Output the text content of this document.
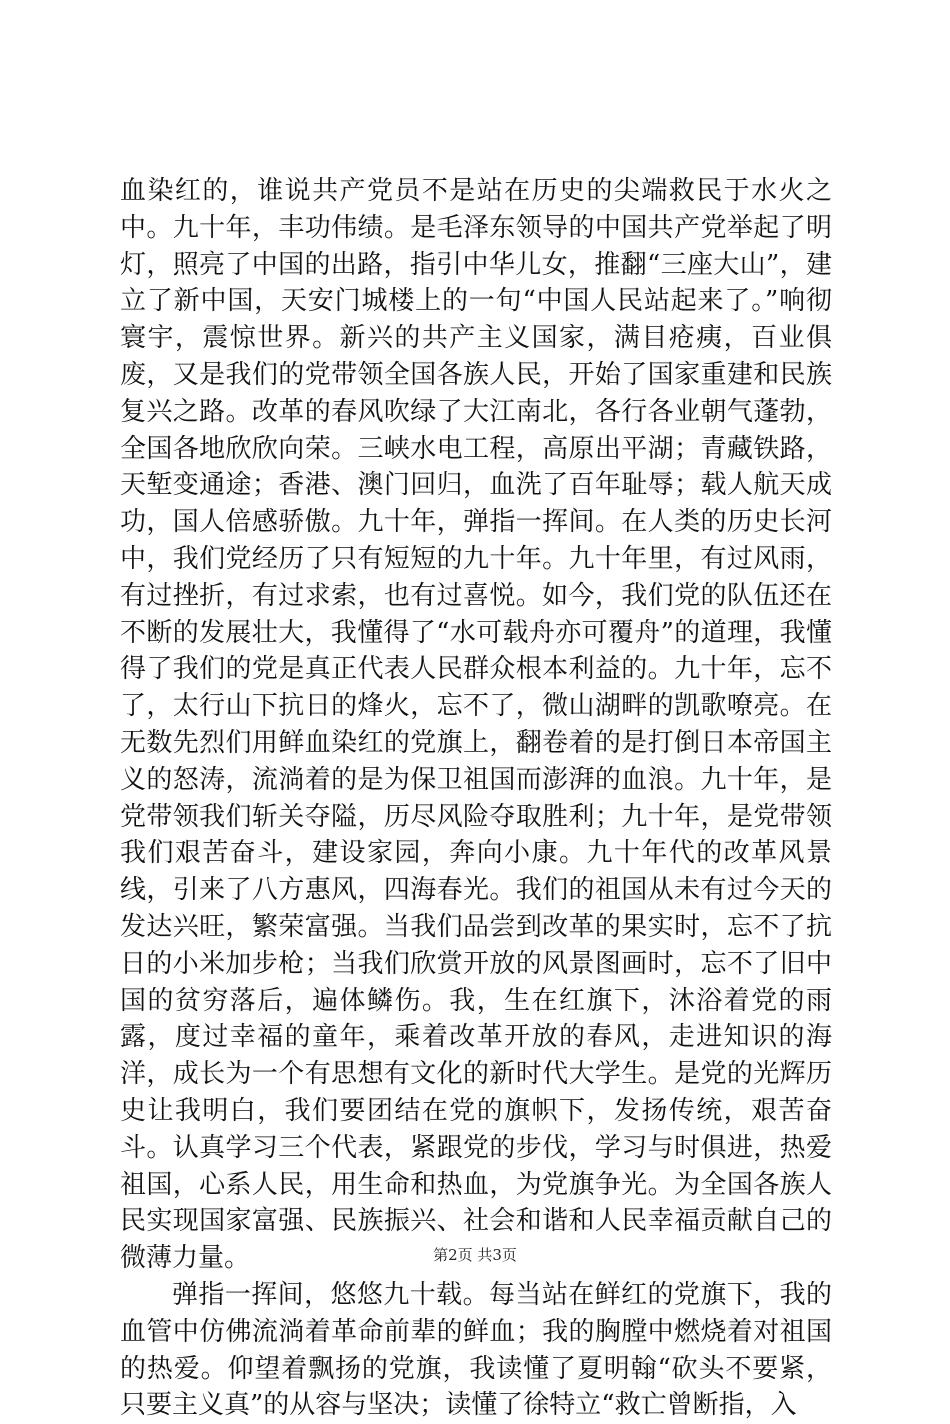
血染红的，谁说共产党员不是站在历史的尖端救民于水火之中。九十年，丰功伟绩。是毛泽东领导的中国共产党举起了明灯，照亮了中国的出路，指引中华儿女，推翻“三座大山”，建立了新中国，天安门城楼上的一句“中国人民站起来了。”响彻寰宇，震惊世界。新兴的共产主义国家，满目疮痍，百业俱废，又是我们的党带领全国各族人民，开始了国家重建和民族复兴之路。改革的春风吹绿了大江南北，各行各业朝气蓬勃，全国各地欣欣向荣。三峡水电工程，高原出平湖；青藏铁路，天堑变通途；香港、澳门回归，血洗了百年耻辱；载人航天成功，国人倍感骄傲。九十年，弹指一挥间。在人类的历史长河中，我们党经历了只有短短的九十年。九十年里，有过风雨，有过挫折，有过求索，也有过喜悦。如今，我们党的队伍还在不断的发展壮大，我懂得了“水可载舟亦可覆舟”的道理，我懂得了我们的党是真正代表人民群众根本利益的。九十年，忘不了，太行山下抗日的烽火，忘不了，微山湖畔的凯歌嘹亮。在无数先烈们用鲜血染红的党旗上，翻卷着的是打倒日本帝国主义的怒涛，流淌着的是为保卫祖国而澎湃的血浪。九十年，是党带领我们斩关夺隘，历尽风险夺取胜利；九十年，是党带领我们艰苦奋斗，建设家园，奔向小康。九十年代的改革风景线，引来了八方惠风，四海春光。我们的祖国从未有过今天的发达兴旺，繁荣富强。当我们品尝到改革的果实时，忘不了抗日的小米加步枪；当我们欣赏开放的风景图画时，忘不了旧中国的贫穷落后，遍体鳞伤。我，生在红旗下，沐浴着党的雨露，度过幸福的童年，乘着改革开放的春风，走进知识的海洋，成长为一个有思想有文化的新时代大学生。是党的光辉历史让我明白，我们要团结在党的旗帜下，发扬传统，艰苦奋斗。认真学习三个代表，紧跟党的步伐，学习与时俱进，热爱祖国，心系人民，用生命和热血，为党旗争光。为全国各族人民实现国家富强、民族振兴、社会和谐和人民幸福贡献自己的微薄力量。

弹指一挥间，悠悠九十载。每当站在鲜红的党旗下，我的血管中仿佛流淌着革命前辈的鲜血；我的胸膛中燃烧着对祖国的热爱。仰望着飘扬的党旗，我读懂了夏明翰“砍头不要紧，只要主义真”的从容与坚决；读懂了徐特立“救亡曾断指，入

第2页 共3页
